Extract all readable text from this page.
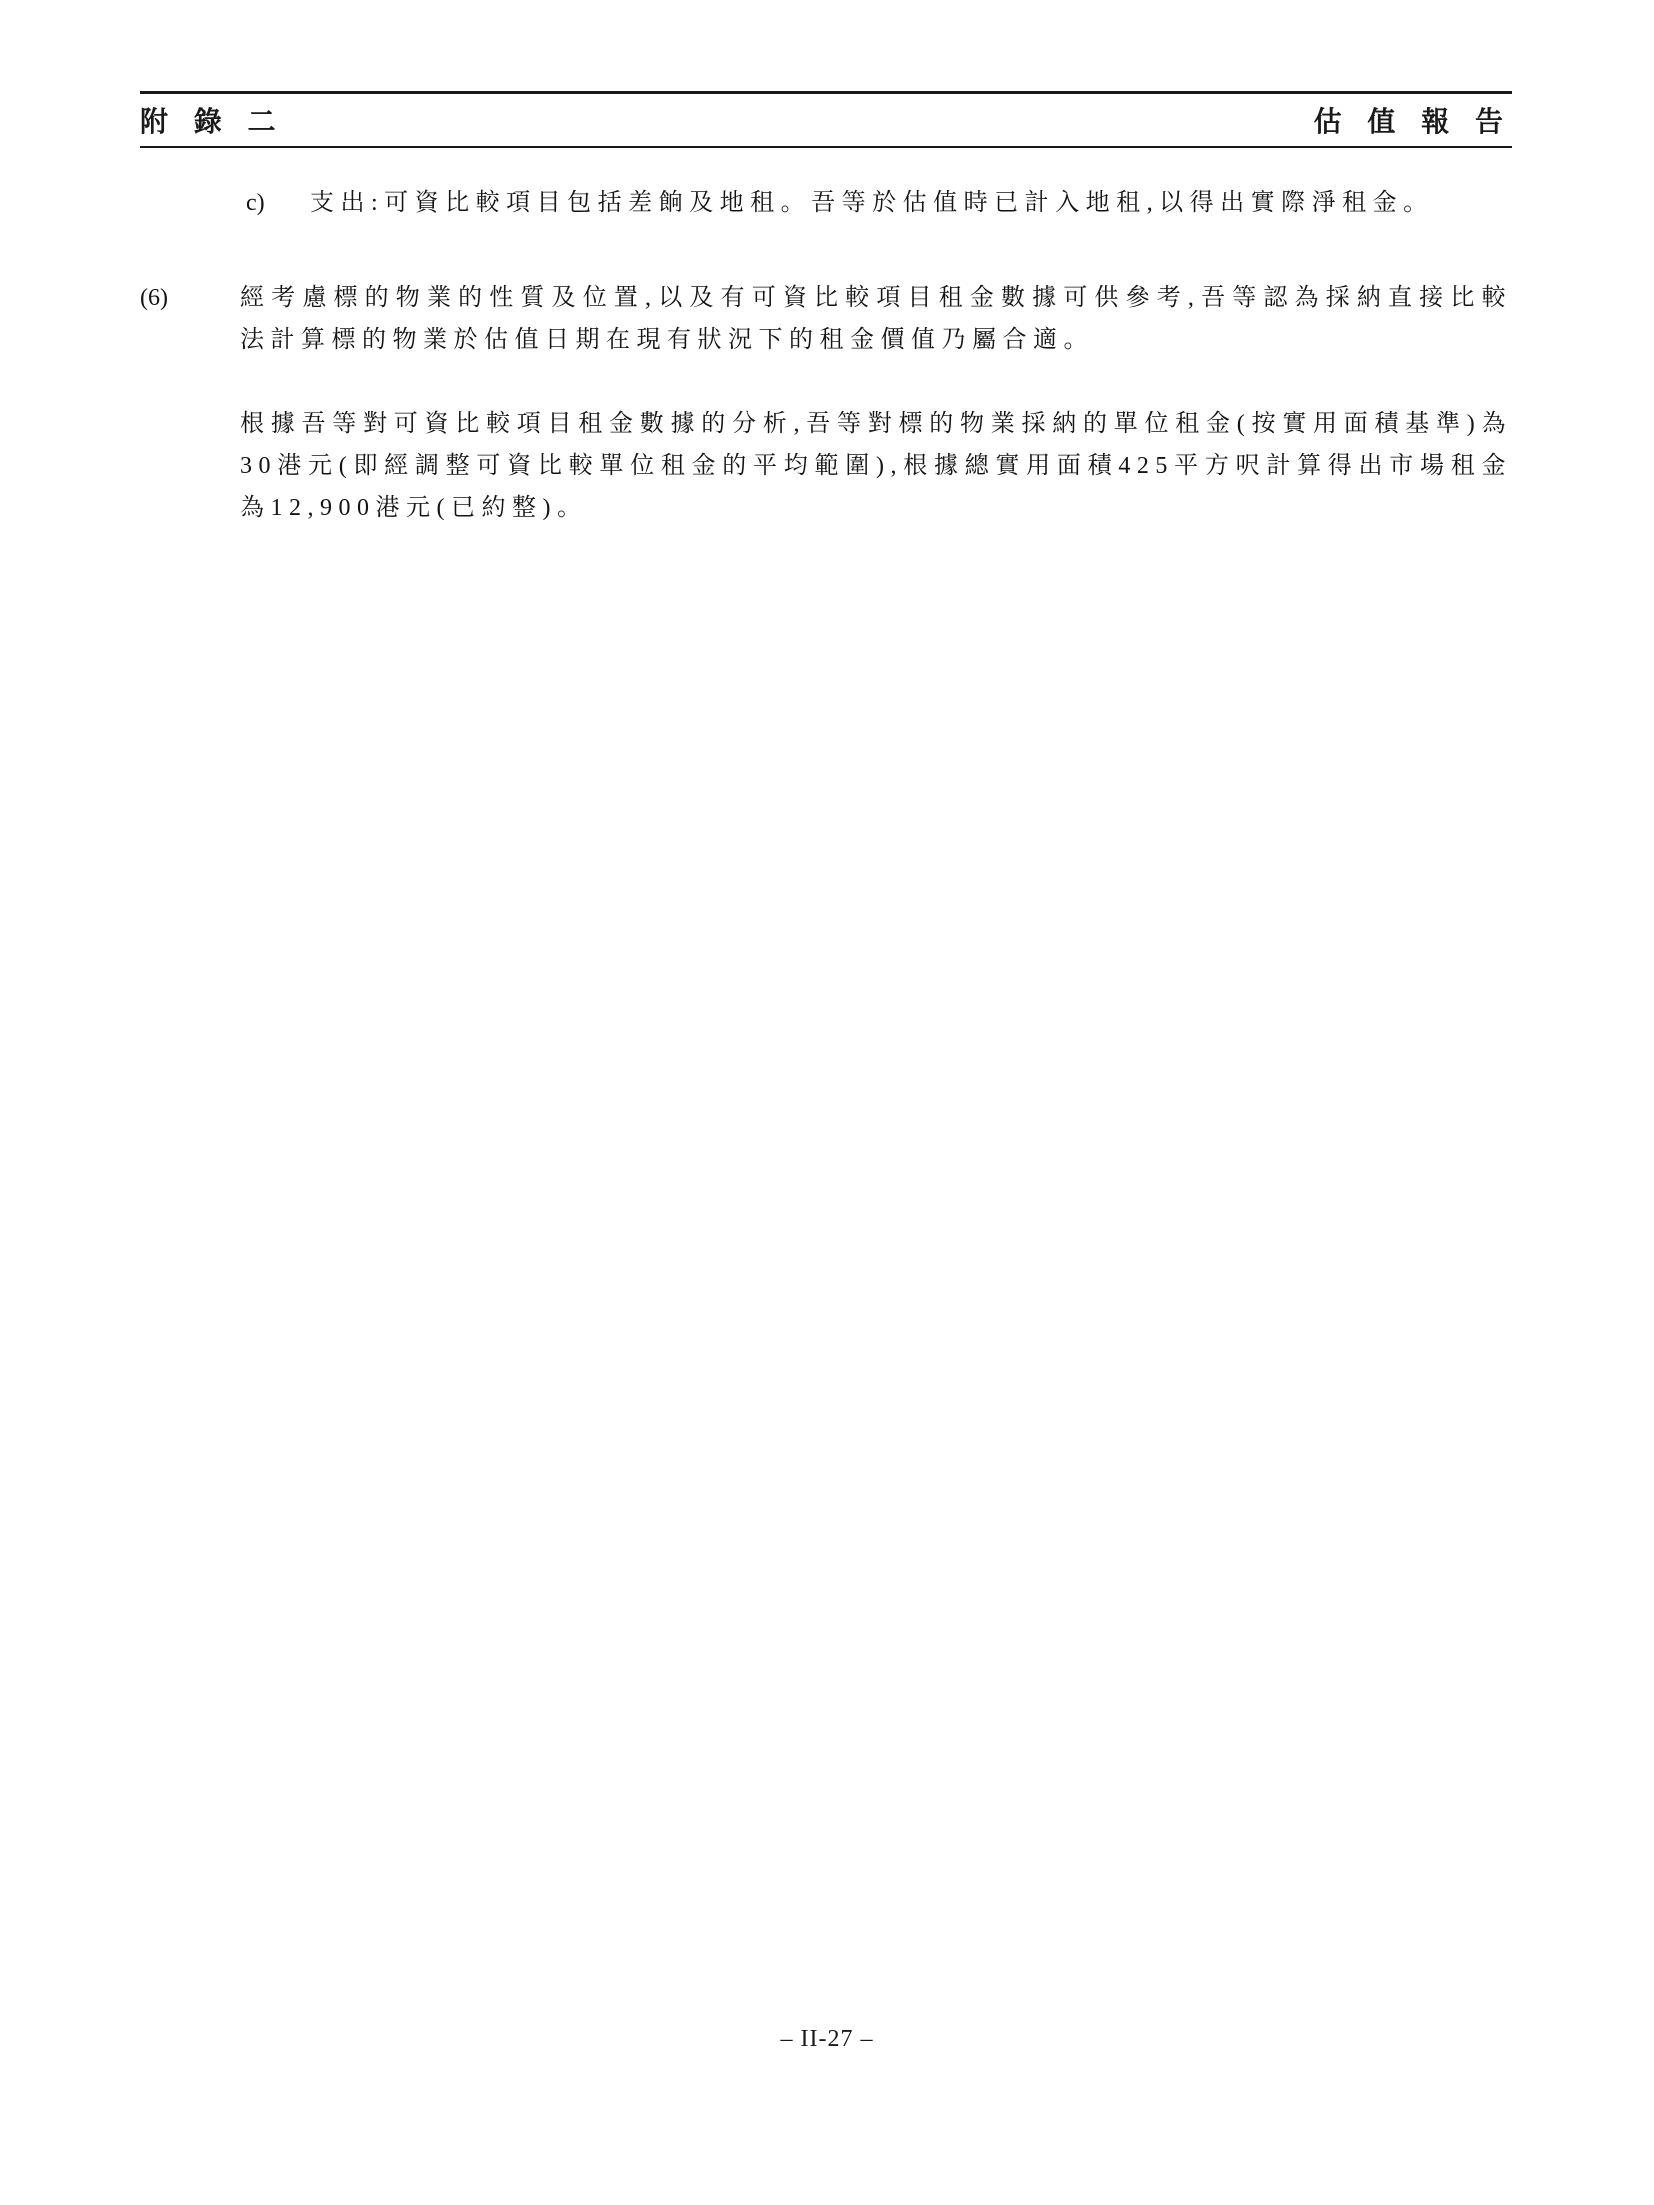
附 錄 二	估 值 報 告
c) 支出:可資比較項目包括差餉及地租。吾等於估值時已計入地租,以得出實際淨租金。

(6)	經考慮標的物業的性質及位置,以及有可資比較項目租金數據可供參考,吾等認為採納直接比較法計算標的物業於估值日期在現有狀況下的租金價值乃屬合適。

根據吾等對可資比較項目租金數據的分析,吾等對標的物業採納的單位租金(按實用面積基準)為30港元(即經調整可資比較單位租金的平均範圍),根據總實用面積425平方呎計算得出市場租金為12,900港元(已約整)。

– II-27 –
